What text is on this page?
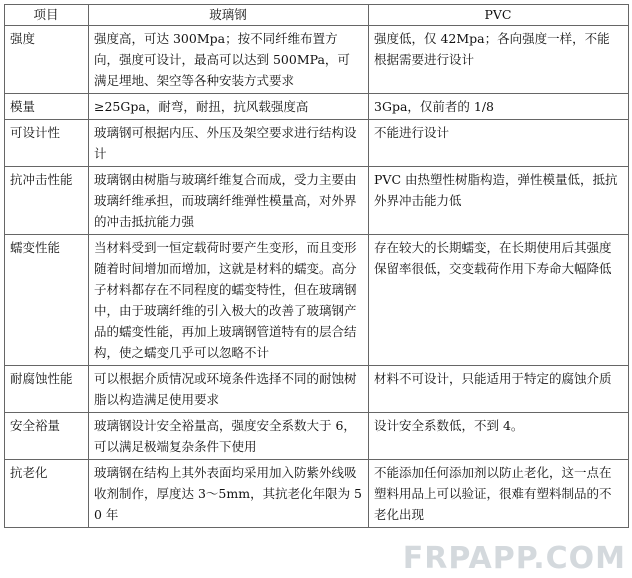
项目	玻璃钢	PVC
强度	强度高，可达 300Mpa；按不同纤维布置方向，强度可设计，最高可以达到 500MPa，可满足埋地、架空等各种安装方式要求	强度低，仅 42Mpa；各向强度一样，不能根据需要进行设计
模量	≥25Gpa，耐弯，耐扭，抗风载强度高	3Gpa，仅前者的 1/8
可设计性	玻璃钢可根据内压、外压及架空要求进行结构设计	不能进行设计
抗冲击性能	玻璃钢由树脂与玻璃纤维复合而成，受力主要由玻璃纤维承担，而玻璃纤维弹性模量高，对外界的冲击抵抗能力强	PVC 由热塑性树脂构造，弹性模量低，抵抗外界冲击能力低
蠕变性能	当材料受到一恒定载荷时要产生变形，而且变形随着时间增加而增加，这就是材料的蠕变。高分子材料都存在不同程度的蠕变特性，但在玻璃钢中，由于玻璃纤维的引入极大的改善了玻璃钢产品的蠕变性能，再加上玻璃钢管道特有的层合结构，使之蠕变几乎可以忽略不计	存在较大的长期蠕变，在长期使用后其强度保留率很低，交变载荷作用下寿命大幅降低
耐腐蚀性能	可以根据介质情况或环境条件选择不同的耐蚀树脂以构造满足使用要求	材料不可设计，只能适用于特定的腐蚀介质
安全裕量	玻璃钢设计安全裕量高，强度安全系数大于 6，可以满足极端复杂条件下使用	设计安全系数低，不到 4。
抗老化	玻璃钢在结构上其外表面均采用加入防紫外线吸收剂制作，厚度达 3～5mm，其抗老化年限为 50 年	不能添加任何添加剂以防止老化，这一点在塑料用品上可以验证，很难有塑料制品的不老化出现
FRPAPP.COM
